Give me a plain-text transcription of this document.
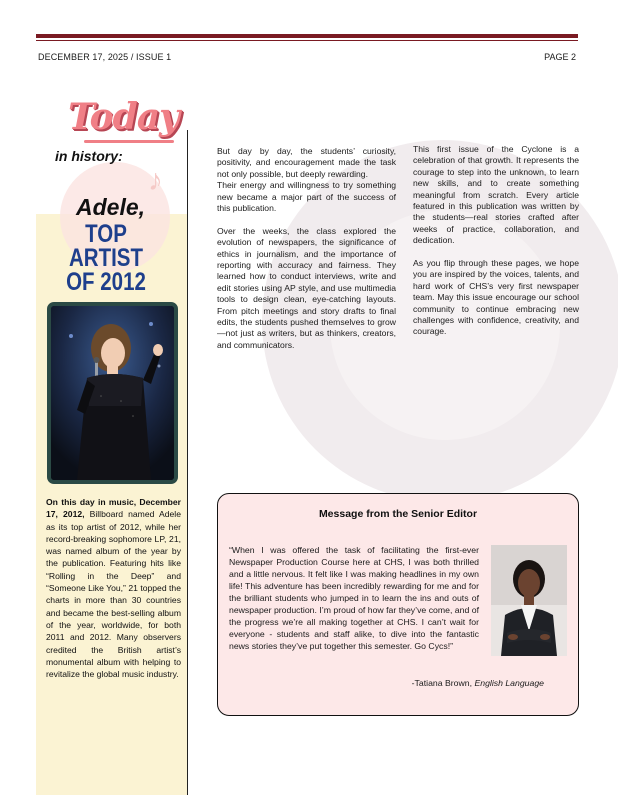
DECEMBER 17, 2025 / ISSUE 1	PAGE 2
♪
Today
in history:
Adele,
TOP ARTIST
OF 2012
On this day in music, December 17, 2012, Billboard named Adele as its top artist of 2012, while her record-breaking sophomore LP, 21, was named album of the year by the publication. Featuring hits like “Rolling in the Deep” and “Someone Like You,” 21 topped the charts in more than 30 countries and became the best-selling album of the year, worldwide, for both 2011 and 2012. Many observers credited the British artist’s monumental album with helping to revitalize the global music industry.

But day by day, the students’ curiosity, positivity, and encouragement made the task not only possible, but deeply rewarding.

Their energy and willingness to try something new became a major part of the success of this publication.

Over the weeks, the class explored the evolution of newspapers, the significance of ethics in journalism, and the importance of reporting with accuracy and fairness. They learned how to conduct interviews, write and edit stories using AP style, and use multimedia tools to design clean, eye-catching layouts. From pitch meetings and story drafts to final edits, the students pushed themselves to grow—not just as writers, but as thinkers, creators, and communicators.

This first issue of the Cyclone is a celebration of that growth. It represents the courage to step into the unknown, to learn new skills, and to create something meaningful from scratch. Every article featured in this publication was written by the students—real stories crafted after weeks of practice, collaboration, and dedication.

As you flip through these pages, we hope you are inspired by the voices, talents, and hard work of CHS’s very first newspaper team. May this issue encourage our school community to continue embracing new challenges with confidence, creativity, and courage.

Message from the Senior Editor
“When I was offered the task of facilitating the first-ever Newspaper Production Course here at CHS, I was both thrilled and a little nervous. It felt like I was making headlines in my own life! This adventure has been incredibly rewarding for me and for the brilliant students who jumped in to learn the ins and outs of newspaper production. I’m proud of how far they’ve come, and of the progress we’re all making together at CHS. I can’t wait for everyone - students and staff alike, to dive into the fantastic news stories they’ve put together this semester. Go Cycs!”
-Tatiana Brown, English Language
